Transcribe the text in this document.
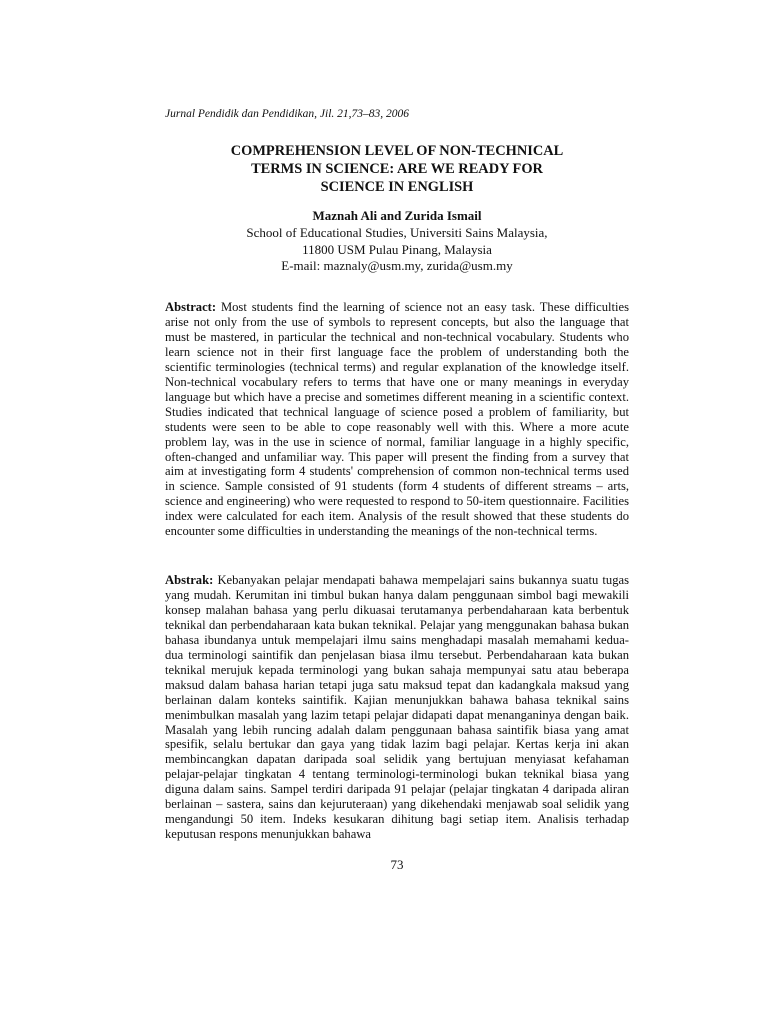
Jurnal Pendidik dan Pendidikan, Jil. 21,73–83, 2006
COMPREHENSION LEVEL OF NON-TECHNICAL
TERMS IN SCIENCE: ARE WE READY FOR
SCIENCE IN ENGLISH
Maznah Ali and Zurida Ismail
School of Educational Studies, Universiti Sains Malaysia,
11800 USM Pulau Pinang, Malaysia
E-mail: maznaly@usm.my, zurida@usm.my

Abstract: Most students find the learning of science not an easy task. These difficulties arise not only from the use of symbols to represent concepts, but also the language that must be mastered, in particular the technical and non-technical vocabulary. Students who learn science not in their first language face the problem of understanding both the scientific terminologies (technical terms) and regular explanation of the knowledge itself. Non-technical vocabulary refers to terms that have one or many meanings in everyday language but which have a precise and sometimes different meaning in a scientific context. Studies indicated that technical language of science posed a problem of familiarity, but students were seen to be able to cope reasonably well with this. Where a more acute problem lay, was in the use in science of normal, familiar language in a highly specific, often-changed and unfamiliar way. This paper will present the finding from a survey that aim at investigating form 4 students' comprehension of common non-technical terms used in science. Sample consisted of 91 students (form 4 students of different streams – arts, science and engineering) who were requested to respond to 50-item questionnaire. Facilities index were calculated for each item. Analysis of the result showed that these students do encounter some difficulties in understanding the meanings of the non-technical terms.

Abstrak: Kebanyakan pelajar mendapati bahawa mempelajari sains bukannya suatu tugas yang mudah. Kerumitan ini timbul bukan hanya dalam penggunaan simbol bagi mewakili konsep malahan bahasa yang perlu dikuasai terutamanya perbendaharaan kata berbentuk teknikal dan perbendaharaan kata bukan teknikal. Pelajar yang menggunakan bahasa bukan bahasa ibundanya untuk mempelajari ilmu sains menghadapi masalah memahami kedua-dua terminologi saintifik dan penjelasan biasa ilmu tersebut. Perbendaharaan kata bukan teknikal merujuk kepada terminologi yang bukan sahaja mempunyai satu atau beberapa maksud dalam bahasa harian tetapi juga satu maksud tepat dan kadangkala maksud yang berlainan dalam konteks saintifik. Kajian menunjukkan bahawa bahasa teknikal sains menimbulkan masalah yang lazim tetapi pelajar didapati dapat menanganinya dengan baik. Masalah yang lebih runcing adalah dalam penggunaan bahasa saintifik biasa yang amat spesifik, selalu bertukar dan gaya yang tidak lazim bagi pelajar. Kertas kerja ini akan membincangkan dapatan daripada soal selidik yang bertujuan menyiasat kefahaman pelajar-pelajar tingkatan 4 tentang terminologi-terminologi bukan teknikal biasa yang diguna dalam sains. Sampel terdiri daripada 91 pelajar (pelajar tingkatan 4 daripada aliran berlainan – sastera, sains dan kejuruteraan) yang dikehendaki menjawab soal selidik yang mengandungi 50 item. Indeks kesukaran dihitung bagi setiap item. Analisis terhadap keputusan respons menunjukkan bahawa

73
